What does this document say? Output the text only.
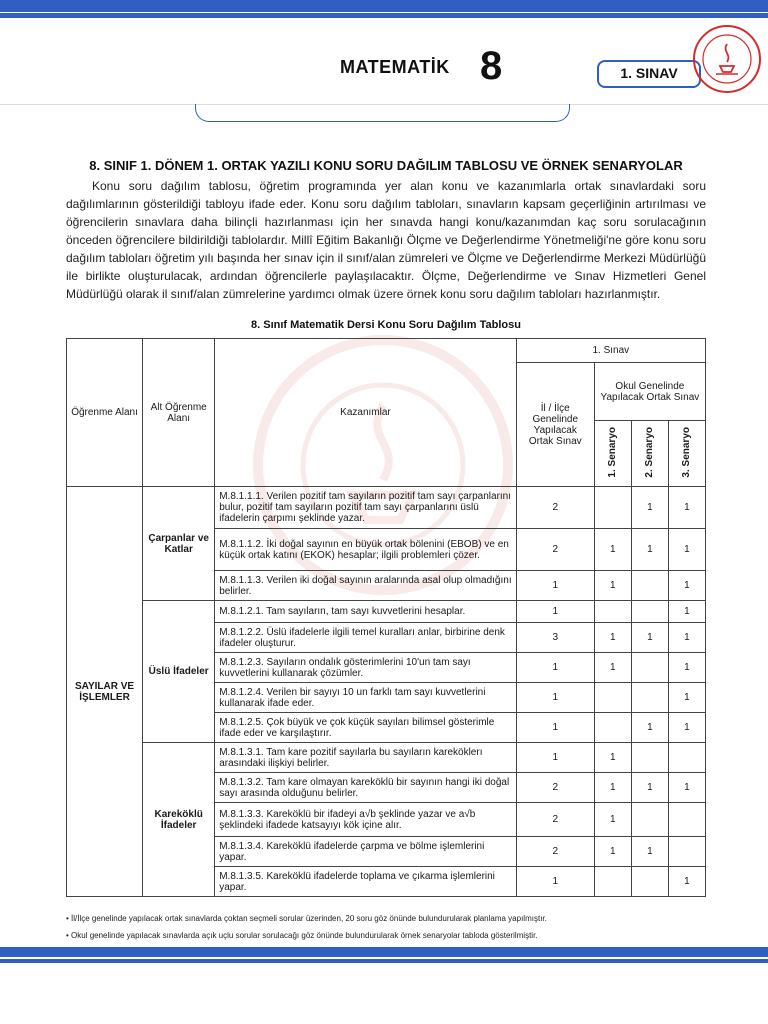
MATEMATİK 8	1. SINAV
8. SINIF 1. DÖNEM 1. ORTAK YAZILI KONU SORU DAĞILIM TABLOSU VE ÖRNEK SENARYOLAR
Konu soru dağılım tablosu, öğretim programında yer alan konu ve kazanımlarla ortak sınavlardaki soru dağılımlarının gösterildiği tabloyu ifade eder. Konu soru dağılım tabloları, sınavların kapsam geçerliğinin artırılması ve öğrencilerin sınavlara daha bilinçli hazırlanması için her sınavda hangi konu/kazanımdan kaç soru sorulacağının önceden öğrencilere bildirildiği tablolardır. Millî Eğitim Bakanlığı Ölçme ve Değerlendirme Yönetmeliği'ne göre konu soru dağılım tabloları öğretim yılı başında her sınav için il sınıf/alan zümreleri ve Ölçme ve Değerlendirme Merkezi Müdürlüğü ile birlikte oluşturulacak, ardından öğrencilerle paylaşılacaktır. Ölçme, Değerlendirme ve Sınav Hizmetleri Genel Müdürlüğü olarak il sınıf/alan zümrelerine yardımcı olmak üzere örnek konu soru dağılım tabloları hazırlanmıştır.
8. Sınıf Matematik Dersi Konu Soru Dağılım Tablosu
Öğrenme Alanı	Alt Öğrenme Alanı	Kazanımlar	1. Sınav			
			İl / İlçe Genelinde Yapılacak Ortak Sınav	Okul Genelinde Yapılacak Ortak Sınav		
				1. Senaryo	2. Senaryo	3. Senaryo
SAYILAR VE İŞLEMLER	Çarpanlar ve Katlar	M.8.1.1.1. Verilen pozitif tam sayıların pozitif tam sayı çarpanlarını bulur, pozitif tam sayıların pozitif tam sayı çarpanlarını üslü ifadelerin çarpımı şeklinde yazar.	2		1	1
		M.8.1.1.2. İki doğal sayının en büyük ortak bölenini (EBOB) ve en küçük ortak katını (EKOK) hesaplar; ilgili problemleri çözer.	2	1	1	1
		M.8.1.1.3. Verilen iki doğal sayının aralarında asal olup olmadığını belirler.	1	1		1
	Üslü İfadeler	M.8.1.2.1. Tam sayıların, tam sayı kuvvetlerini hesaplar.	1			1
		M.8.1.2.2. Üslü ifadelerle ilgili temel kuralları anlar, birbirine denk ifadeler oluşturur.	3	1	1	1
		M.8.1.2.3. Sayıların ondalık gösterimlerini 10'un tam sayı kuvvetlerini kullanarak çözümler.	1	1		1
		M.8.1.2.4. Verilen bir sayıyı 10 un farklı tam sayı kuvvetlerini kullanarak ifade eder.	1			1
		M.8.1.2.5. Çok büyük ve çok küçük sayıları bilimsel gösterimle ifade eder ve karşılaştırır.	1		1	1
	Kareköklü İfadeler	M.8.1.3.1. Tam kare pozitif sayılarla bu sayıların kareköklerı arasındaki ilişkiyi belirler.	1	1		
		M.8.1.3.2. Tam kare olmayan kareköklü bir sayının hangi iki doğal sayı arasında olduğunu belirler.	2	1	1	1
		M.8.1.3.3. Kareköklü bir ifadeyi a√b şeklinde yazar ve a√b şeklindeki ifadede katsayıyı kök içine alır.	2	1		
		M.8.1.3.4. Kareköklü ifadelerde çarpma ve bölme işlemlerini yapar.	2	1	1	
		M.8.1.3.5. Kareköklü ifadelerde toplama ve çıkarma işlemlerini yapar.	1			1
• İl/İlçe genelinde yapılacak ortak sınavlarda çoktan seçmeli sorular üzerinden, 20 soru göz önünde bulundurularak planlama yapılmıştır.
• Okul genelinde yapılacak sınavlarda açık uçlu sorular sorulacağı göz önünde bulundurularak örnek senaryolar tabloda gösterilmiştir.
